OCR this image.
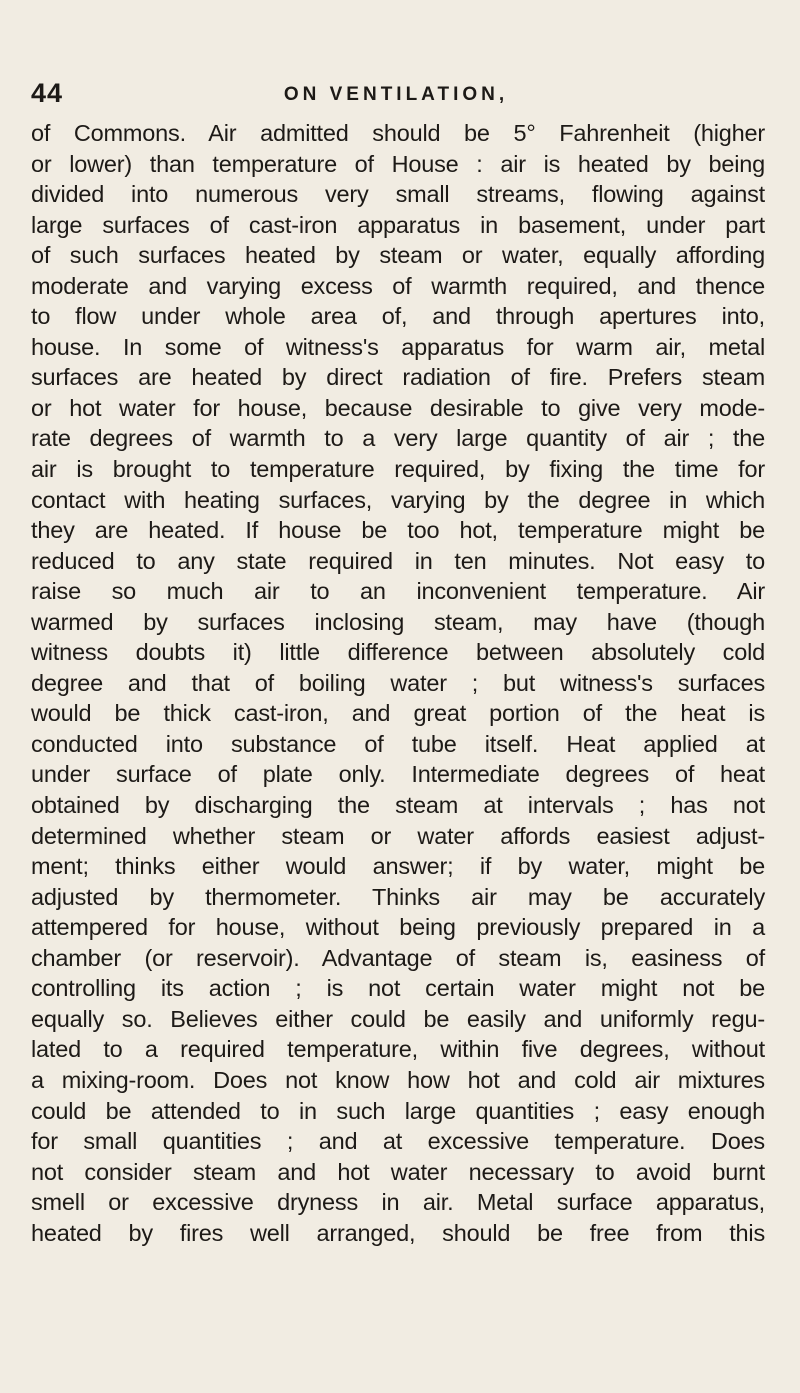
44	ON VENTILATION,
of Commons. Air admitted should be 5° Fahrenheit (higher
or lower) than temperature of House : air is heated by being
divided into numerous very small streams, flowing against
large surfaces of cast-iron apparatus in basement, under part
of such surfaces heated by steam or water, equally affording
moderate and varying excess of warmth required, and thence
to flow under whole area of, and through apertures into,
house. In some of witness's apparatus for warm air, metal
surfaces are heated by direct radiation of fire. Prefers steam
or hot water for house, because desirable to give very mode-
rate degrees of warmth to a very large quantity of air ; the
air is brought to temperature required, by fixing the time for
contact with heating surfaces, varying by the degree in which
they are heated. If house be too hot, temperature might be
reduced to any state required in ten minutes. Not easy to
raise so much air to an inconvenient temperature. Air
warmed by surfaces inclosing steam, may have (though
witness doubts it) little difference between absolutely cold
degree and that of boiling water ; but witness's surfaces
would be thick cast-iron, and great portion of the heat is
conducted into substance of tube itself. Heat applied at
under surface of plate only. Intermediate degrees of heat
obtained by discharging the steam at intervals ; has not
determined whether steam or water affords easiest adjust-
ment; thinks either would answer; if by water, might be
adjusted by thermometer. Thinks air may be accurately
attempered for house, without being previously prepared in a
chamber (or reservoir). Advantage of steam is, easiness of
controlling its action ; is not certain water might not be
equally so. Believes either could be easily and uniformly regu-
lated to a required temperature, within five degrees, without
a mixing-room. Does not know how hot and cold air mixtures
could be attended to in such large quantities ; easy enough
for small quantities ; and at excessive temperature. Does
not consider steam and hot water necessary to avoid burnt
smell or excessive dryness in air. Metal surface apparatus,
heated by fires well arranged, should be free from this
